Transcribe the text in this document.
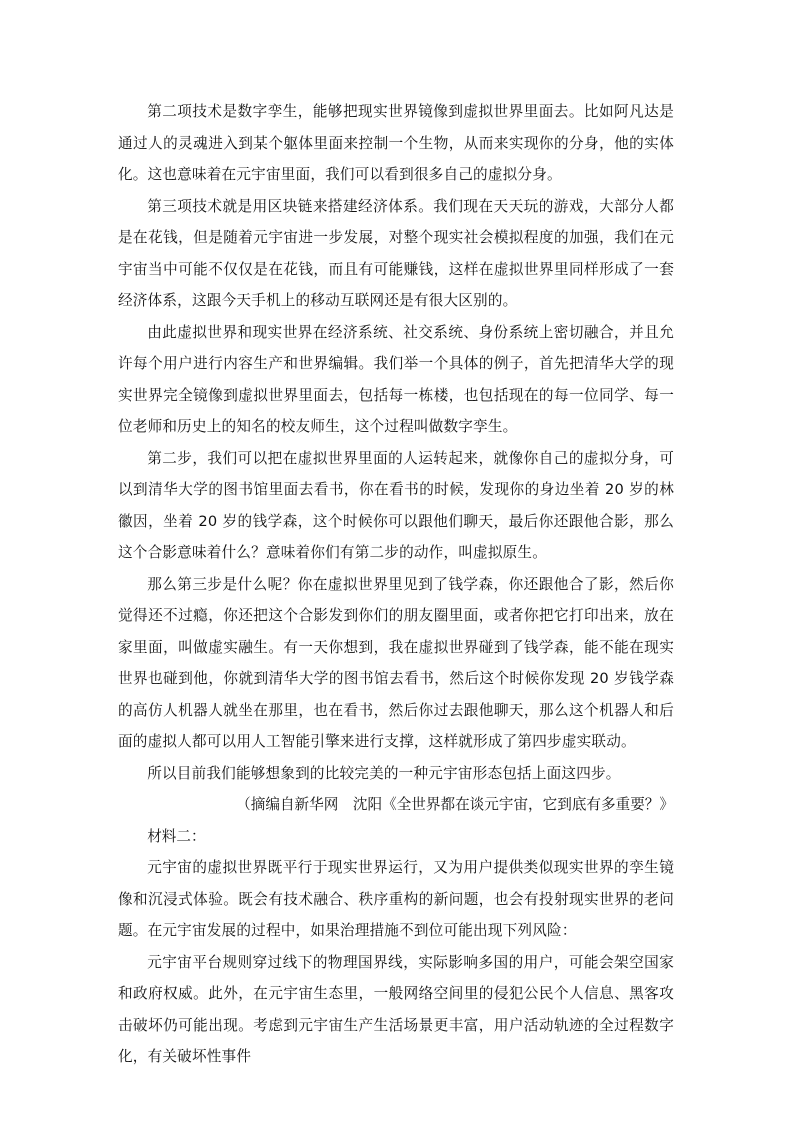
第二项技术是数字孪生，能够把现实世界镜像到虚拟世界里面去。比如阿凡达是通过人的灵魂进入到某个躯体里面来控制一个生物，从而来实现你的分身，他的实体化。这也意味着在元宇宙里面，我们可以看到很多自己的虚拟分身。

第三项技术就是用区块链来搭建经济体系。我们现在天天玩的游戏，大部分人都是在花钱，但是随着元宇宙进一步发展，对整个现实社会模拟程度的加强，我们在元宇宙当中可能不仅仅是在花钱，而且有可能赚钱，这样在虚拟世界里同样形成了一套经济体系，这跟今天手机上的移动互联网还是有很大区别的。

由此虚拟世界和现实世界在经济系统、社交系统、身份系统上密切融合，并且允许每个用户进行内容生产和世界编辑。我们举一个具体的例子，首先把清华大学的现实世界完全镜像到虚拟世界里面去，包括每一栋楼，也包括现在的每一位同学、每一位老师和历史上的知名的校友师生，这个过程叫做数字孪生。

第二步，我们可以把在虚拟世界里面的人运转起来，就像你自己的虚拟分身，可以到清华大学的图书馆里面去看书，你在看书的时候，发现你的身边坐着 20 岁的林徽因，坐着 20 岁的钱学森，这个时候你可以跟他们聊天，最后你还跟他合影，那么这个合影意味着什么？意味着你们有第二步的动作，叫虚拟原生。

那么第三步是什么呢？你在虚拟世界里见到了钱学森，你还跟他合了影，然后你觉得还不过瘾，你还把这个合影发到你们的朋友圈里面，或者你把它打印出来，放在家里面，叫做虚实融生。有一天你想到，我在虚拟世界碰到了钱学森，能不能在现实世界也碰到他，你就到清华大学的图书馆去看书，然后这个时候你发现 20 岁钱学森的高仿人机器人就坐在那里，也在看书，然后你过去跟他聊天，那么这个机器人和后面的虚拟人都可以用人工智能引擎来进行支撑，这样就形成了第四步虚实联动。

所以目前我们能够想象到的比较完美的一种元宇宙形态包括上面这四步。

（摘编自新华网　沈阳《全世界都在谈元宇宙，它到底有多重要？》

材料二：

元宇宙的虚拟世界既平行于现实世界运行，又为用户提供类似现实世界的孪生镜像和沉浸式体验。既会有技术融合、秩序重构的新问题，也会有投射现实世界的老问题。在元宇宙发展的过程中，如果治理措施不到位可能出现下列风险：

元宇宙平台规则穿过线下的物理国界线，实际影响多国的用户，可能会架空国家和政府权威。此外，在元宇宙生态里，一般网络空间里的侵犯公民个人信息、黑客攻击破坏仍可能出现。考虑到元宇宙生产生活场景更丰富，用户活动轨迹的全过程数字化，有关破坏性事件
